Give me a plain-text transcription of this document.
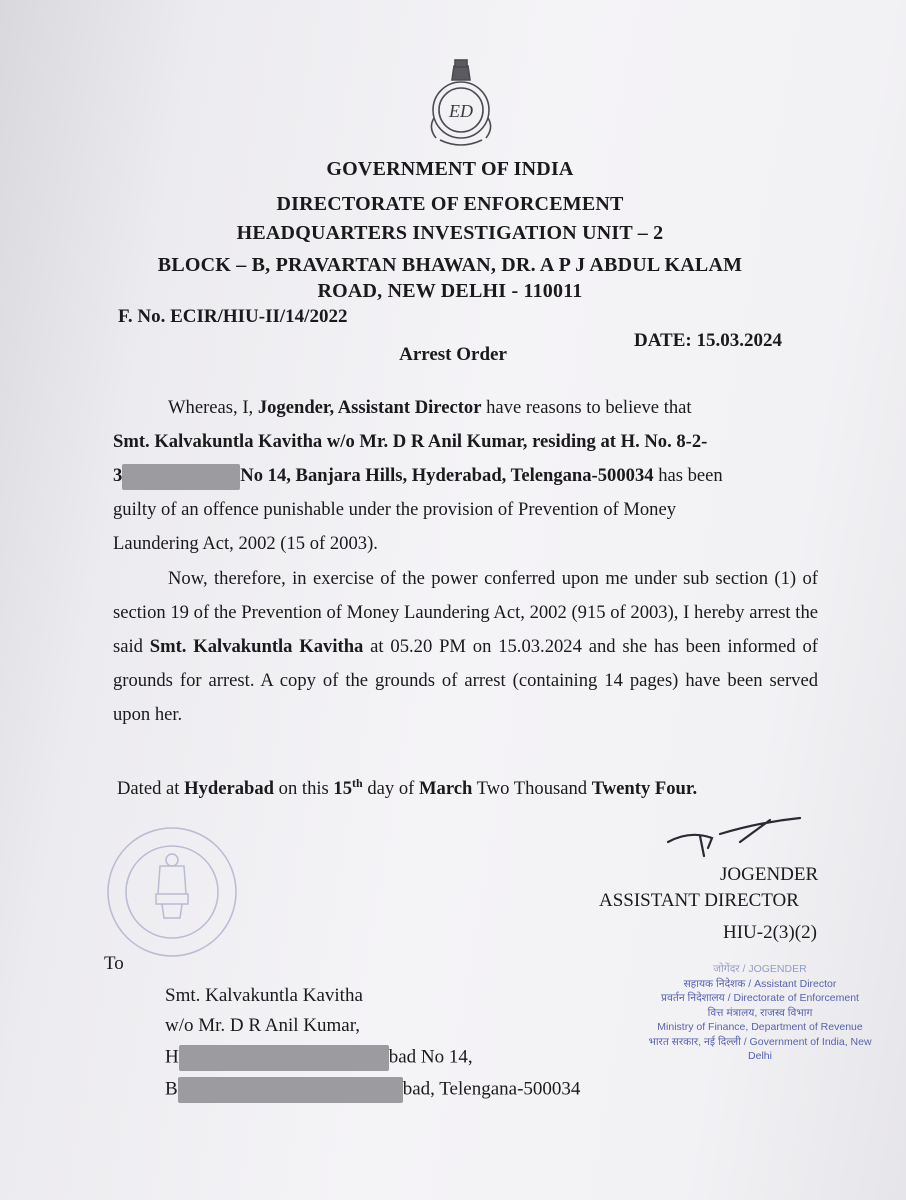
ED
GOVERNMENT OF INDIA
DIRECTORATE OF ENFORCEMENT
HEADQUARTERS INVESTIGATION UNIT – 2
BLOCK – B, PRAVARTAN BHAWAN, DR. A P J ABDUL KALAM
ROAD, NEW DELHI - 110011
F. No. ECIR/HIU-II/14/2022
DATE: 15.03.2024
Arrest Order
Whereas, I, Jogender, Assistant Director have reasons to believe that
Smt. Kalvakuntla Kavitha w/o Mr. D R Anil Kumar, residing at H. No. 8-2-
3	No 14, Banjara Hills, Hyderabad, Telengana-500034 has been
guilty of an offence punishable under the provision of Prevention of Money
Laundering Act, 2002 (15 of 2003).
Now, therefore, in exercise of the power conferred upon me under sub section (1) of section 19 of the Prevention of Money Laundering Act, 2002 (915 of 2003), I hereby arrest the said Smt. Kalvakuntla Kavitha at 05.20 PM on 15.03.2024 and she has been informed of grounds for arrest. A copy of the grounds of arrest (containing 14 pages) have been served upon her.
Dated at Hyderabad on this 15th day of March Two Thousand Twenty Four.
JOGENDER
ASSISTANT DIRECTOR
HIU-2(3)(2)
जोगेंदर / JOGENDER
सहायक निदेशक / Assistant Director
प्रवर्तन निदेशालय / Directorate of Enforcement
वित्त मंत्रालय, राजस्व विभाग
Ministry of Finance, Department of Revenue
भारत सरकार, नई दिल्ली / Government of India, New Delhi
To
Smt. Kalvakuntla Kavitha
w/o Mr. D R Anil Kumar,
H	bad No 14,
B	bad, Telengana-500034
